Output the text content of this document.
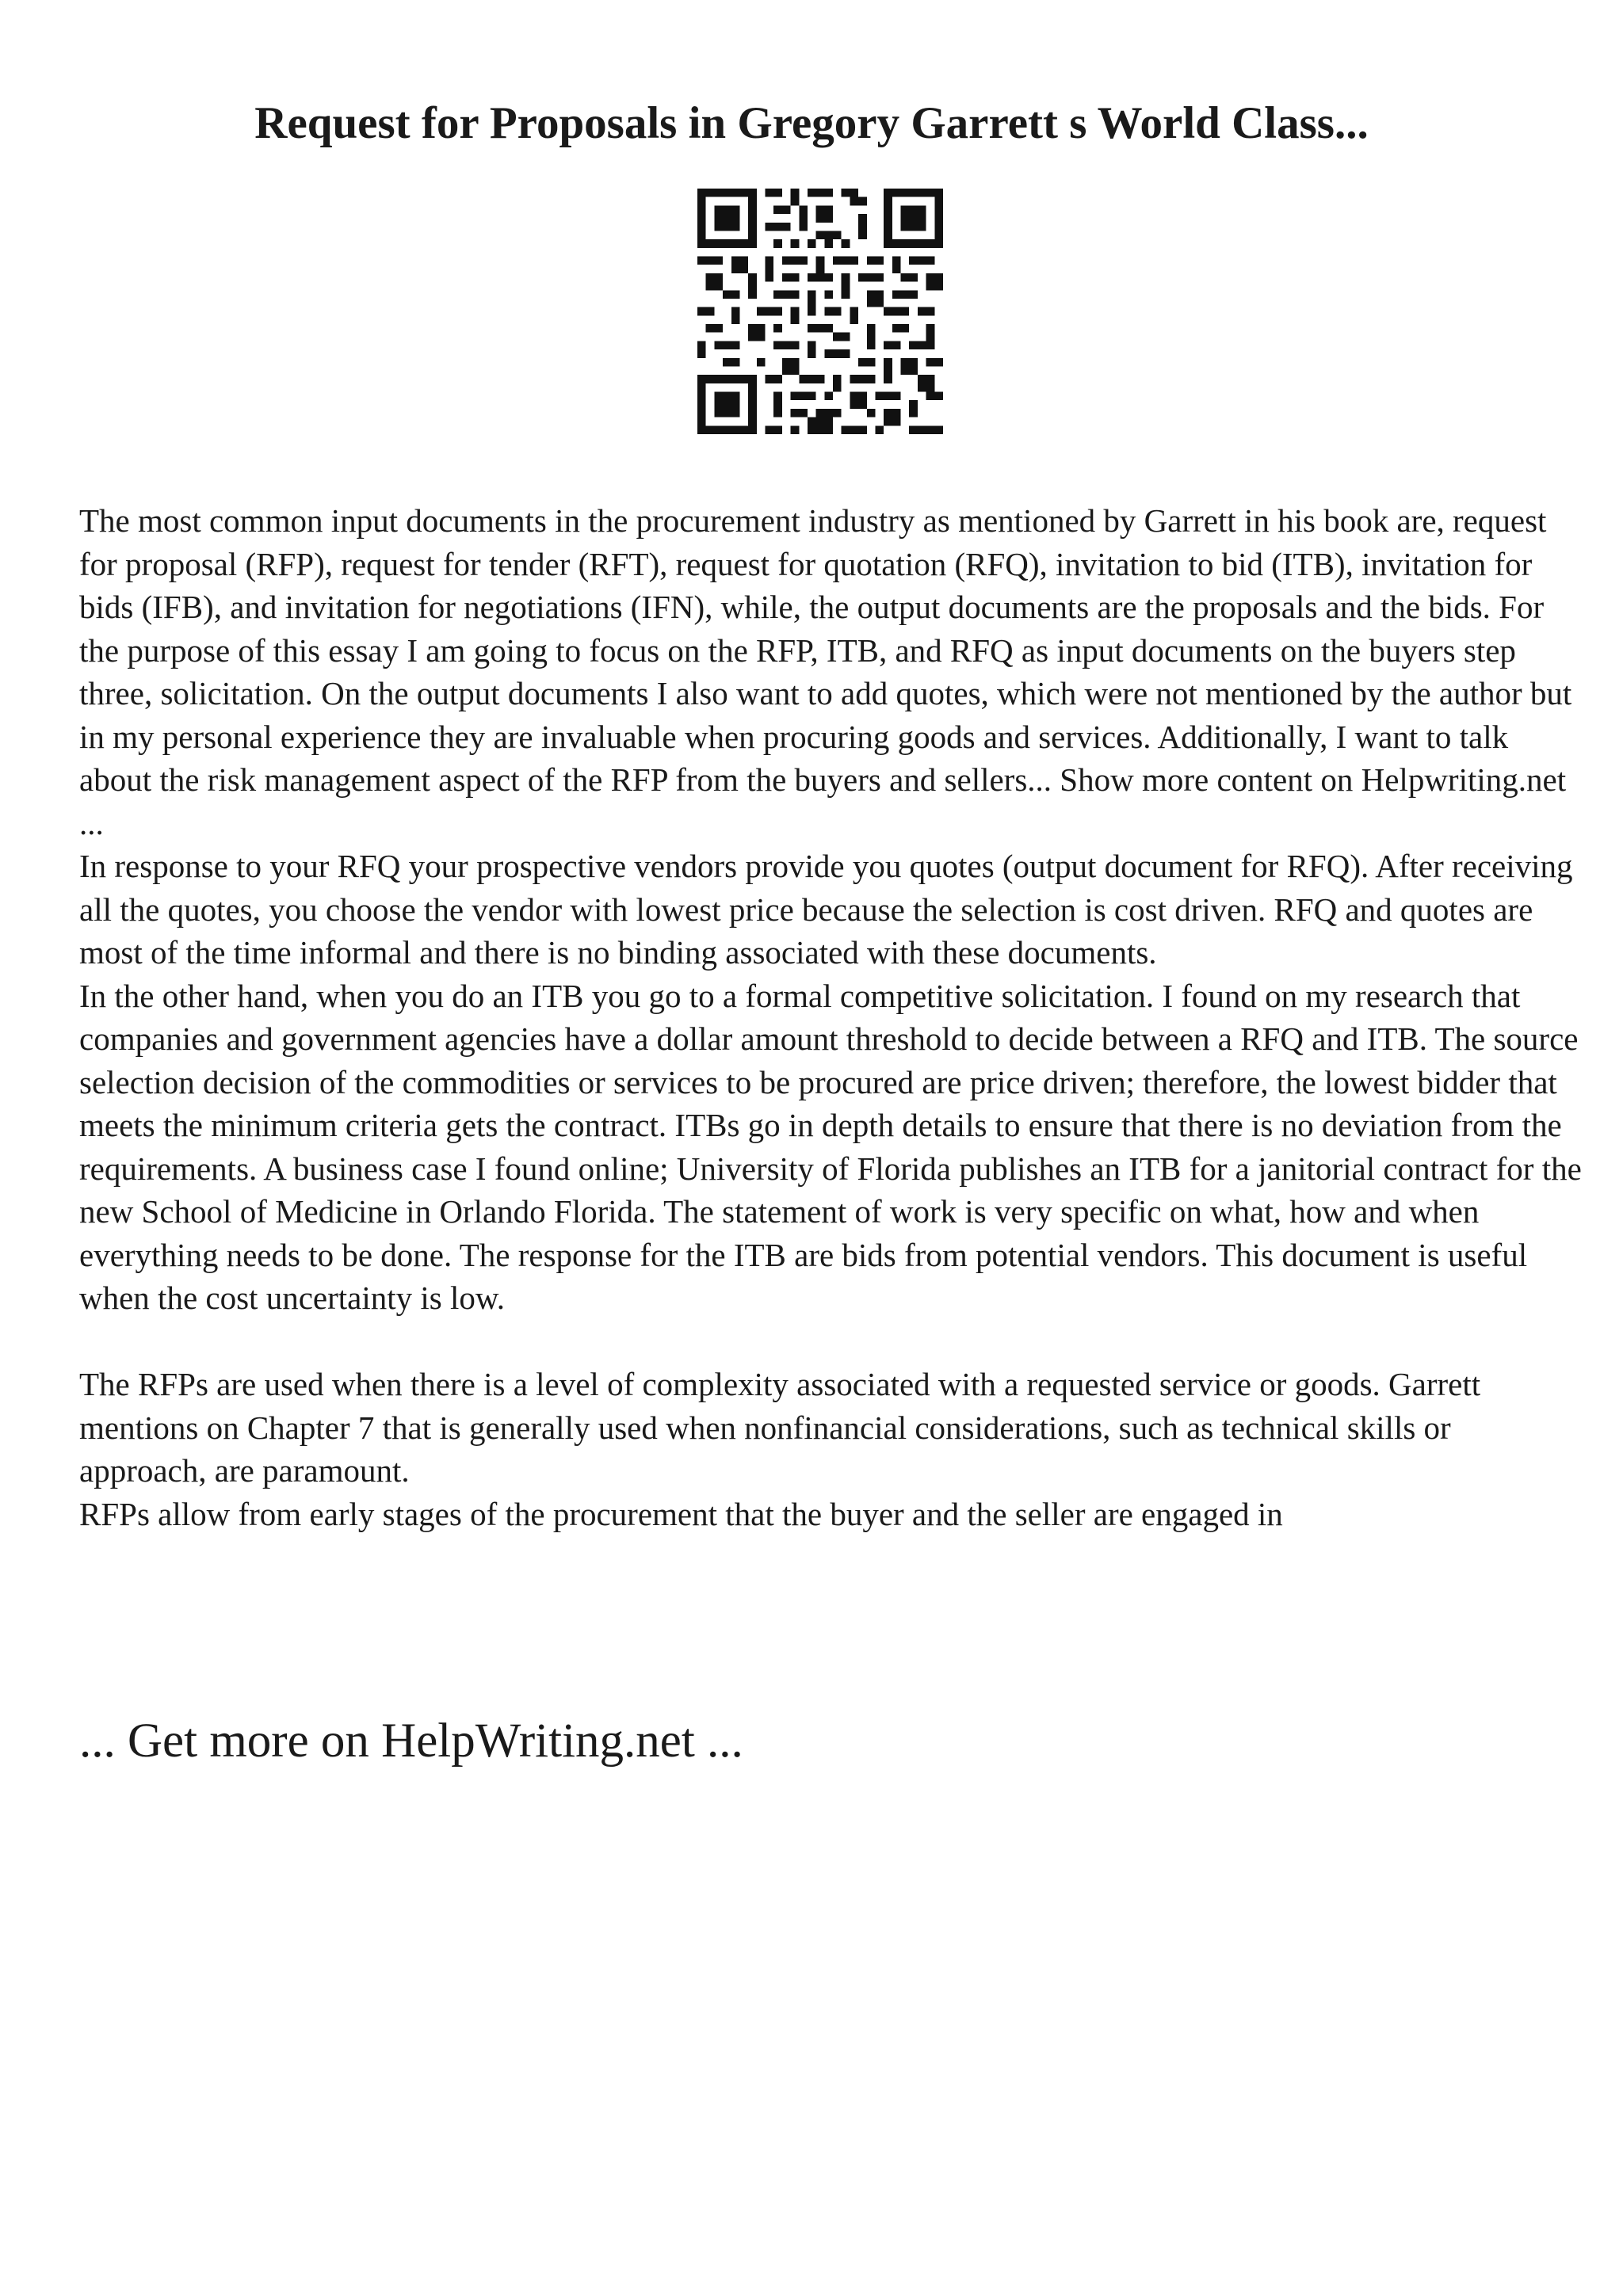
Request for Proposals in Gregory Garrett s World Class...

The most common input documents in the procurement industry as mentioned by Garrett in his book are, request for proposal (RFP), request for tender (RFT), request for quotation (RFQ), invitation to bid (ITB), invitation for bids (IFB), and invitation for negotiations (IFN), while, the output documents are the proposals and the bids. For the purpose of this essay I am going to focus on the RFP, ITB, and RFQ as input documents on the buyers step three, solicitation. On the output documents I also want to add quotes, which were not mentioned by the author but in my personal experience they are invaluable when procuring goods and services. Additionally, I want to talk about the risk management aspect of the RFP from the buyers and sellers... Show more content on Helpwriting.net ...

In response to your RFQ your prospective vendors provide you quotes (output document for RFQ). After receiving all the quotes, you choose the vendor with lowest price because the selection is cost driven. RFQ and quotes are most of the time informal and there is no binding associated with these documents.

In the other hand, when you do an ITB you go to a formal competitive solicitation. I found on my research that companies and government agencies have a dollar amount threshold to decide between a RFQ and ITB. The source selection decision of the commodities or services to be procured are price driven; therefore, the lowest bidder that meets the minimum criteria gets the contract. ITBs go in depth details to ensure that there is no deviation from the requirements. A business case I found online; University of Florida publishes an ITB for a janitorial contract for the new School of Medicine in Orlando Florida. The statement of work is very specific on what, how and when everything needs to be done. The response for the ITB are bids from potential vendors. This document is useful when the cost uncertainty is low.

The RFPs are used when there is a level of complexity associated with a requested service or goods. Garrett mentions on Chapter 7 that is generally used when nonfinancial considerations, such as technical skills or approach, are paramount.

RFPs allow from early stages of the procurement that the buyer and the seller are engaged in

... Get more on HelpWriting.net ...
